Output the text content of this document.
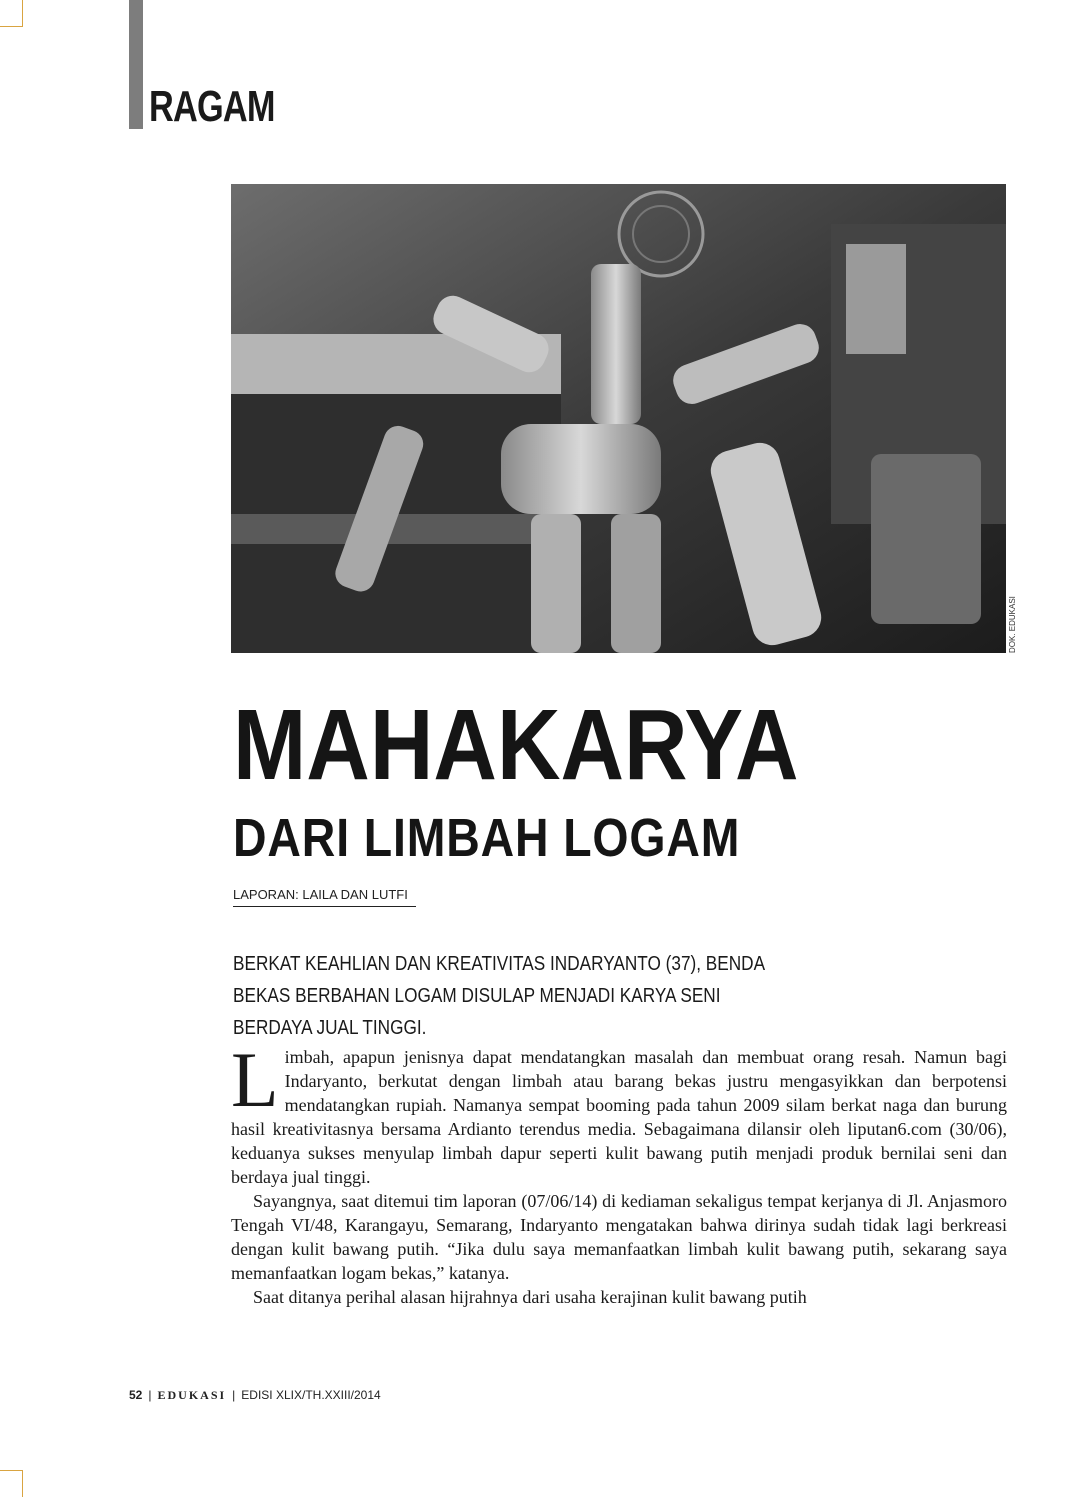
RAGAM

DOK. EDUKASI

MAHAKARYA
DARI LIMBAH LOGAM

LAPORAN: LAILA DAN LUTFI

BERKAT KEAHLIAN DAN KREATIVITAS INDARYANTO (37), BENDA BEKAS BERBAHAN LOGAM DISULAP MENJADI KARYA SENI BERDAYA JUAL TINGGI.

Limbah, apapun jenisnya dapat mendatangkan masalah dan membuat orang resah. Namun bagi Indaryanto, berkutat dengan limbah atau barang bekas justru mengasyikkan dan berpotensi mendatangkan rupiah. Namanya sempat booming pada tahun 2009 silam berkat naga dan burung hasil kreativitasnya bersama Ardianto terendus media. Sebagaimana dilansir oleh liputan6.com (30/06), keduanya sukses menyulap limbah dapur seperti kulit bawang putih menjadi produk bernilai seni dan berdaya jual tinggi.

Sayangnya, saat ditemui tim laporan (07/06/14) di kediaman sekaligus tempat kerjanya di Jl. Anjasmoro Tengah VI/48, Karangayu, Semarang, Indaryanto mengatakan bahwa dirinya sudah tidak lagi berkreasi dengan kulit bawang putih. “Jika dulu saya memanfaatkan limbah kulit bawang putih, sekarang saya memanfaatkan logam bekas,” katanya.

Saat ditanya perihal alasan hijrahnya dari usaha kerajinan kulit bawang putih

52 | EDUKASI | EDISI XLIX/TH.XXIII/2014
